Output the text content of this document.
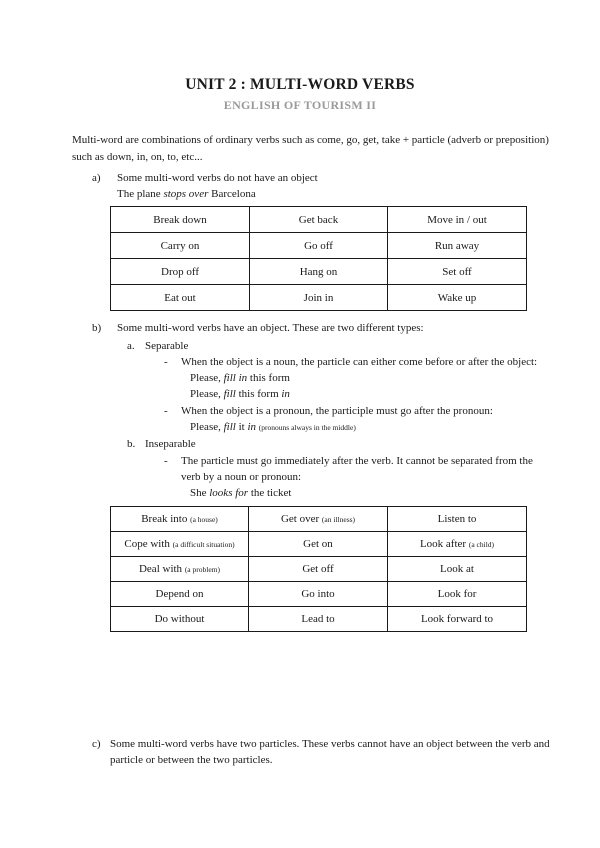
UNIT 2 : MULTI-WORD VERBS
ENGLISH OF TOURISM II
Multi-word are combinations of ordinary verbs such as come, go, get, take + particle (adverb or preposition)
such as down, in, on, to, etc...
a) Some multi-word verbs do not have an object
The plane stops over Barcelona
Break down	Get back	Move in / out
Carry on	Go off	Run away
Drop off	Hang on	Set off
Eat out	Join in	Wake up
b) Some multi-word verbs have an object. These are two different types:
a. Separable
- When the object is a noun, the particle can either come before or after the object:
Please, fill in this form
Please, fill this form in
- When the object is a pronoun, the participle must go after the pronoun:
Please, fill it in (pronouns always in the middle)
b. Inseparable
- The particle must go immediately after the verb. It cannot be separated from the
verb by a noun or pronoun:
She looks for the ticket
Break into (a house)	Get over (an illness)	Listen to
Cope with (a difficult situation)	Get on	Look after (a child)
Deal with (a problem)	Get off	Look at
Depend on	Go into	Look for
Do without	Lead to	Look forward to
c) Some multi-word verbs have two particles. These verbs cannot have an object between the verb and
particle or between the two particles.
